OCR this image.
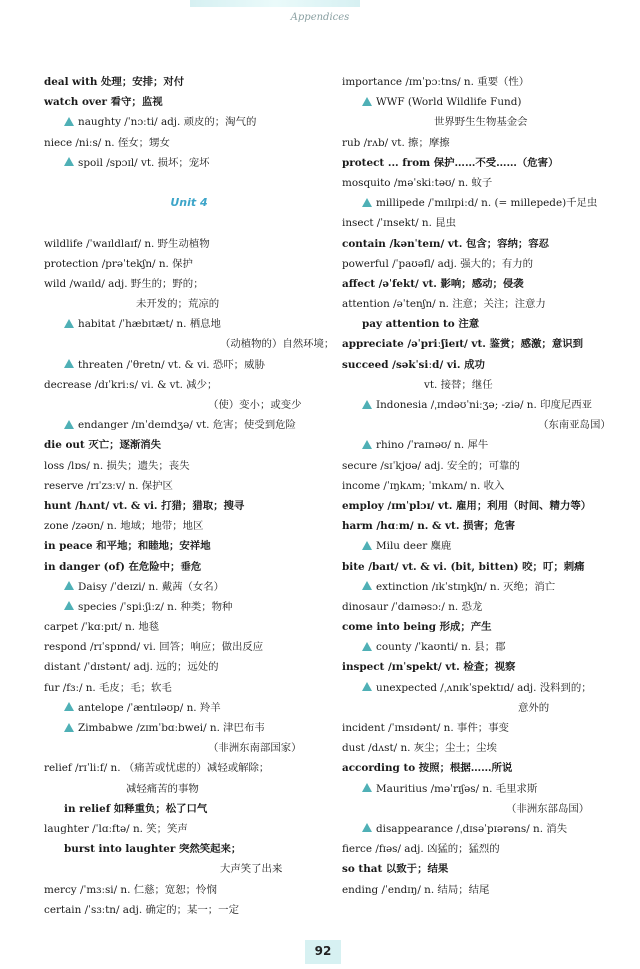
Appendices
deal with 处理；安排；对付
watch over 看守；监视
naughty /ˈnɔːti/ adj. 顽皮的；淘气的
niece /niːs/ n. 侄女；甥女
spoil /spɔɪl/ vt. 损坏；宠坏
Unit 4
wildlife /ˈwaɪldlaɪf/ n. 野生动植物
protection /prəˈtekʃn/ n. 保护
wild /waɪld/ adj. 野生的；野的；
未开发的；荒凉的
habitat /ˈhæbɪtæt/ n. 栖息地
（动植物的）自然环境；
threaten /ˈθretn/ vt. & vi. 恐吓；威胁
decrease /dɪˈkriːs/ vi. & vt. 减少；
（使）变小；或变少
endanger /ɪnˈdeɪndʒə/ vt. 危害；使受到危险
die out 灭亡；逐渐消失
loss /lɒs/ n. 损失；遗失；丧失
reserve /rɪˈzɜːv/ n. 保护区
hunt /hʌnt/ vt. & vi. 打猎；猎取；搜寻
zone /zəʊn/ n. 地域；地带；地区
in peace 和平地；和睦地；安祥地
in danger (of) 在危险中；垂危
Daisy /ˈdeɪzi/ n. 戴茜（女名）
species /ˈspiːʃiːz/ n. 种类；物种
carpet /ˈkɑːpɪt/ n. 地毯
respond /rɪˈspɒnd/ vi. 回答；响应；做出反应
distant /ˈdɪstənt/ adj. 远的；远处的
fur /fɜː/ n. 毛皮；毛；软毛
antelope /ˈæntɪləʊp/ n. 羚羊
Zimbabwe /zɪmˈbɑːbwei/ n. 津巴布韦
（非洲东南部国家）
relief /rɪˈliːf/ n. （痛苦或忧虑的）减轻或解除；
减轻痛苦的事物
in relief 如释重负；松了口气
laughter /ˈlɑːftə/ n. 笑；笑声
burst into laughter 突然笑起来；
大声笑了出来
mercy /ˈmɜːsi/ n. 仁慈；宽恕；怜悯
certain /ˈsɜːtn/ adj. 确定的；某一；一定
importance /ɪmˈpɔːtns/ n. 重要（性）
WWF (World Wildlife Fund)
世界野生生物基金会
rub /rʌb/ vt. 擦；摩擦
protect ... from 保护……不受……（危害）
mosquito /məˈskiːtəʊ/ n. 蚊子
millipede /ˈmɪlɪpiːd/ n. (= millepede)千足虫
insect /ˈɪnsekt/ n. 昆虫
contain /kənˈteɪn/ vt. 包含；容纳；容忍
powerful /ˈpaʊəfl/ adj. 强大的；有力的
affect /əˈfekt/ vt. 影响；感动；侵袭
attention /əˈtenʃn/ n. 注意；关注；注意力
pay attention to 注意
appreciate /əˈpriːʃieɪt/ vt. 鉴赏；感激；意识到
succeed /səkˈsiːd/ vi. 成功
vt. 接替；继任
Indonesia /ˌɪndəʊˈniːʒə; -ziə/ n. 印度尼西亚
（东南亚岛国）
rhino /ˈraɪnəʊ/ n. 犀牛
secure /sɪˈkjʊə/ adj. 安全的；可靠的
income /ˈɪŋkʌm; ˈɪnkʌm/ n. 收入
employ /ɪmˈplɔɪ/ vt. 雇用；利用（时间、精力等）
harm /hɑːm/ n. & vt. 损害；危害
Milu deer 麋鹿
bite /baɪt/ vt. & vi. (bit, bitten) 咬；叮；刺痛
extinction /ɪkˈstɪŋkʃn/ n. 灭绝；消亡
dinosaur /ˈdaɪnəsɔː/ n. 恐龙
come into being 形成；产生
county /ˈkaʊnti/ n. 县；郡
inspect /ɪnˈspekt/ vt. 检查；视察
unexpected /ˌʌnɪkˈspektɪd/ adj. 没料到的；
意外的
incident /ˈɪnsɪdənt/ n. 事件；事变
dust /dʌst/ n. 灰尘；尘土；尘埃
according to 按照；根据……所说
Mauritius /məˈrɪʃəs/ n. 毛里求斯
（非洲东部岛国）
disappearance /ˌdɪsəˈpɪərəns/ n. 消失
fierce /fɪəs/ adj. 凶猛的；猛烈的
so that 以致于；结果
ending /ˈendɪŋ/ n. 结局；结尾
92
